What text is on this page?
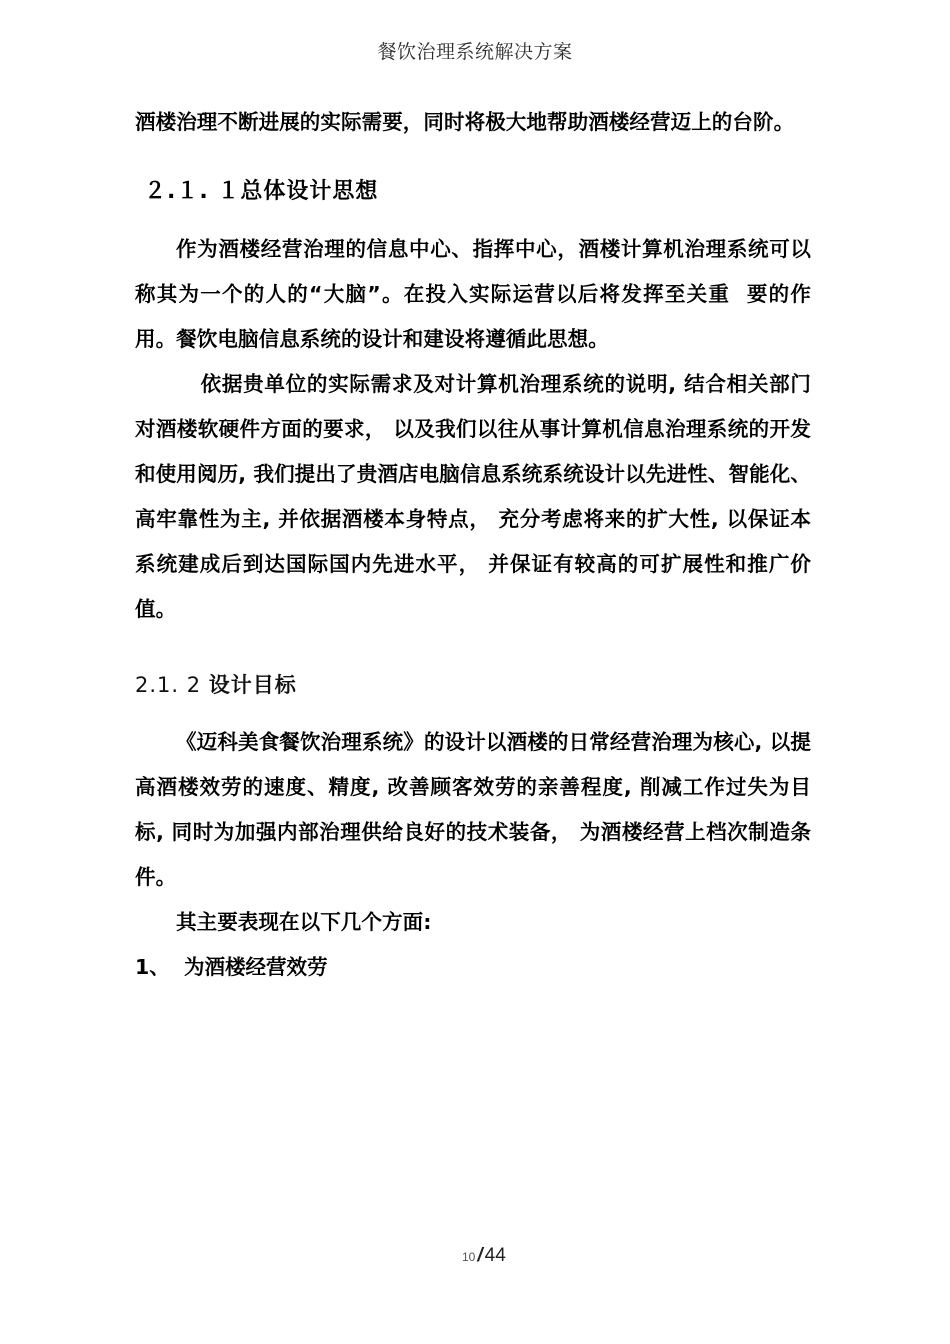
餐饮治理系统解决方案

酒楼治理不断进展的实际需要，同时将极大地帮助酒楼经营迈上的台阶。

２.１. １总体设计思想

作为酒楼经营治理的信息中心、指挥中心，酒楼计算机治理系统可以称其为一个的人的“大脑”。在投入实际运营以后将发挥至关重  要的作用。餐饮电脑信息系统的设计和建设将遵循此思想。

依据贵单位的实际需求及对计算机治理系统的说明, 结合相关部门对酒楼软硬件方面的要求， 以及我们以往从事计算机信息治理系统的开发和使用阅历, 我们提出了贵酒店电脑信息系统系统设计以先进性、智能化、高牢靠性为主, 并依据酒楼本身特点， 充分考虑将来的扩大性, 以保证本系统建成后到达国际国内先进水平， 并保证有较高的可扩展性和推广价值。

2.1. 2 设计目标

《迈科美食餐饮治理系统》的设计以酒楼的日常经营治理为核心, 以提高酒楼效劳的速度、精度, 改善顾客效劳的亲善程度, 削减工作过失为目标, 同时为加强内部治理供给良好的技术装备， 为酒楼经营上档次制造条件。

其主要表现在以下几个方面:

1、  为酒楼经营效劳

10 / 44
